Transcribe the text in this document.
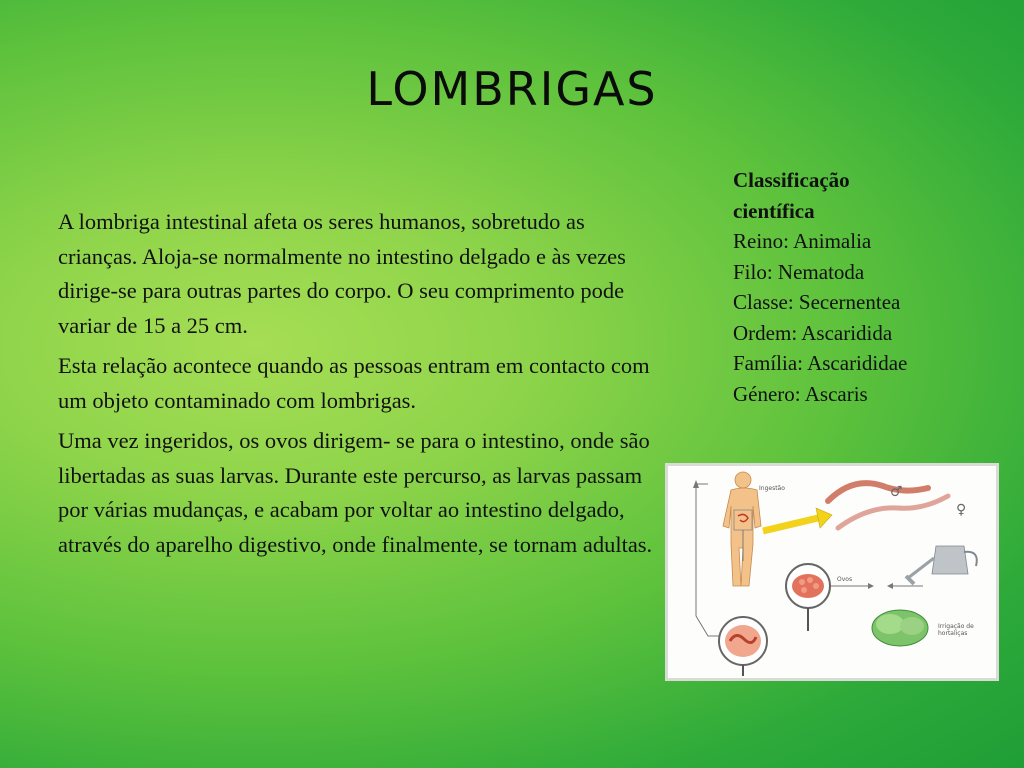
LOMBRIGAS

A lombriga intestinal afeta os seres humanos, sobretudo as crianças. Aloja-se normalmente no intestino delgado e às vezes dirige-se para outras partes do corpo. O seu comprimento pode variar de 15 a 25 cm.

Esta relação acontece quando as pessoas entram em contacto com um objeto contaminado com lombrigas.

Uma vez ingeridos, os ovos dirigem- se para o intestino, onde são libertadas as suas larvas. Durante este percurso, as larvas passam por várias mudanças, e acabam por voltar ao intestino delgado, através do aparelho digestivo, onde finalmente, se tornam adultas.

Classificação
científica
Reino: Animalia
Filo: Nematoda
Classe: Secernentea
Ordem: Ascaridida
Família: Ascarididae
Género: Ascaris
♂
♀
Ingestão
Ovos
Irrigação de
hortaliças
